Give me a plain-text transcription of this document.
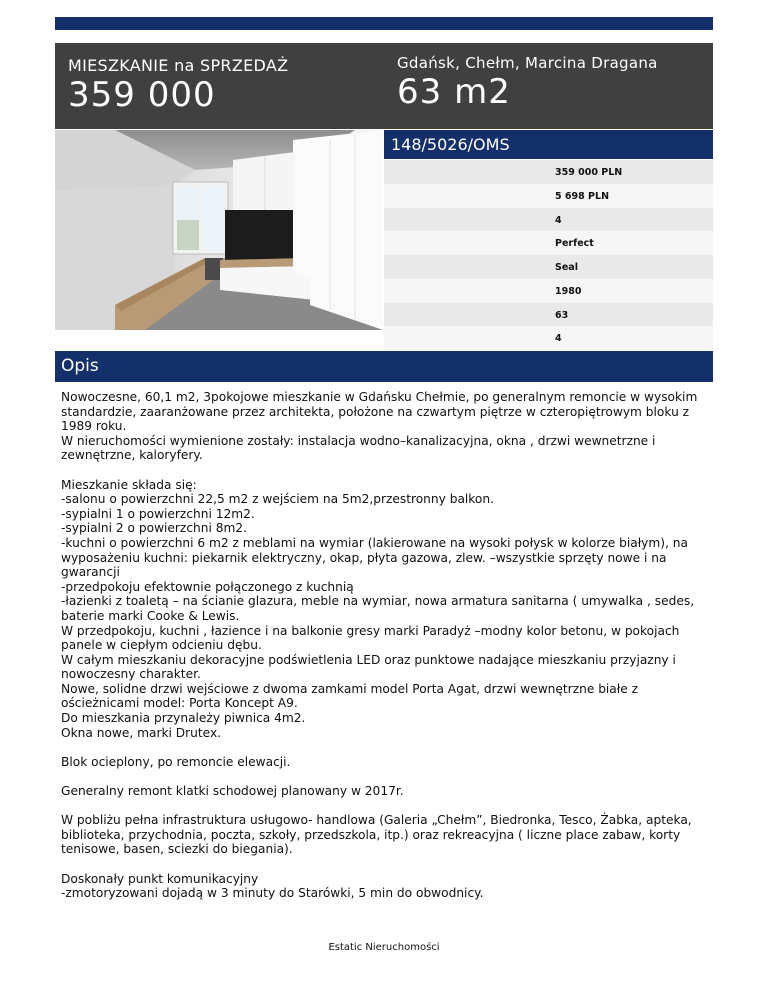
MIESZKANIE na SPRZEDAŻ
359 000
Gdańsk, Chełm, Marcina Dragana
63 m2
148/5026/OMS
359 000 PLN
5 698 PLN
4
Perfect
Seal
1980
63
4
Opis
Nowoczesne, 60,1 m2, 3pokojowe mieszkanie w Gdańsku Chełmie, po generalnym remoncie w wysokim standardzie, zaaranżowane przez architekta, położone na czwartym piętrze w czteropiętrowym bloku z 1989 roku.
W nieruchomości wymienione zostały: instalacja wodno–kanalizacyjna, okna , drzwi wewnetrzne i zewnętrzne, kaloryfery.

Mieszkanie składa się:
-salonu o powierzchni 22,5 m2 z wejściem na 5m2,przestronny balkon.
-sypialni 1 o powierzchni 12m2.
-sypialni 2 o powierzchni 8m2.
-kuchni o powierzchni 6 m2 z meblami na wymiar (lakierowane na wysoki połysk w kolorze białym), na wyposażeniu kuchni: piekarnik elektryczny, okap, płyta gazowa, zlew. –wszystkie sprzęty nowe i na gwarancji
-przedpokoju efektownie połączonego z kuchnią
-łazienki z toaletą – na ścianie glazura, meble na wymiar, nowa armatura sanitarna ( umywalka , sedes, baterie marki Cooke & Lewis.
W przedpokoju, kuchni , łazience i na balkonie gresy marki Paradyż –modny kolor betonu, w pokojach panele w ciepłym odcieniu dębu.
W całym mieszkaniu dekoracyjne podświetlenia LED oraz punktowe nadające mieszkaniu przyjazny i nowoczesny charakter.
Nowe, solidne drzwi wejściowe z dwoma zamkami model Porta Agat, drzwi wewnętrzne białe z ościeżnicami model: Porta Koncept A9.
Do mieszkania przynależy piwnica 4m2.
Okna nowe, marki Drutex.

Blok ocieplony, po remoncie elewacji.

Generalny remont klatki schodowej planowany w 2017r.

W pobliżu pełna infrastruktura usługowo- handlowa (Galeria „Chełm”, Biedronka, Tesco, Żabka, apteka, biblioteka, przychodnia, poczta, szkoły, przedszkola, itp.) oraz rekreacyjna ( liczne place zabaw, korty tenisowe, basen, sciezki do biegania).

Doskonały punkt komunikacyjny
-zmotoryzowani dojadą w 3 minuty do Starówki, 5 min do obwodnicy.
Estatic Nieruchomości
